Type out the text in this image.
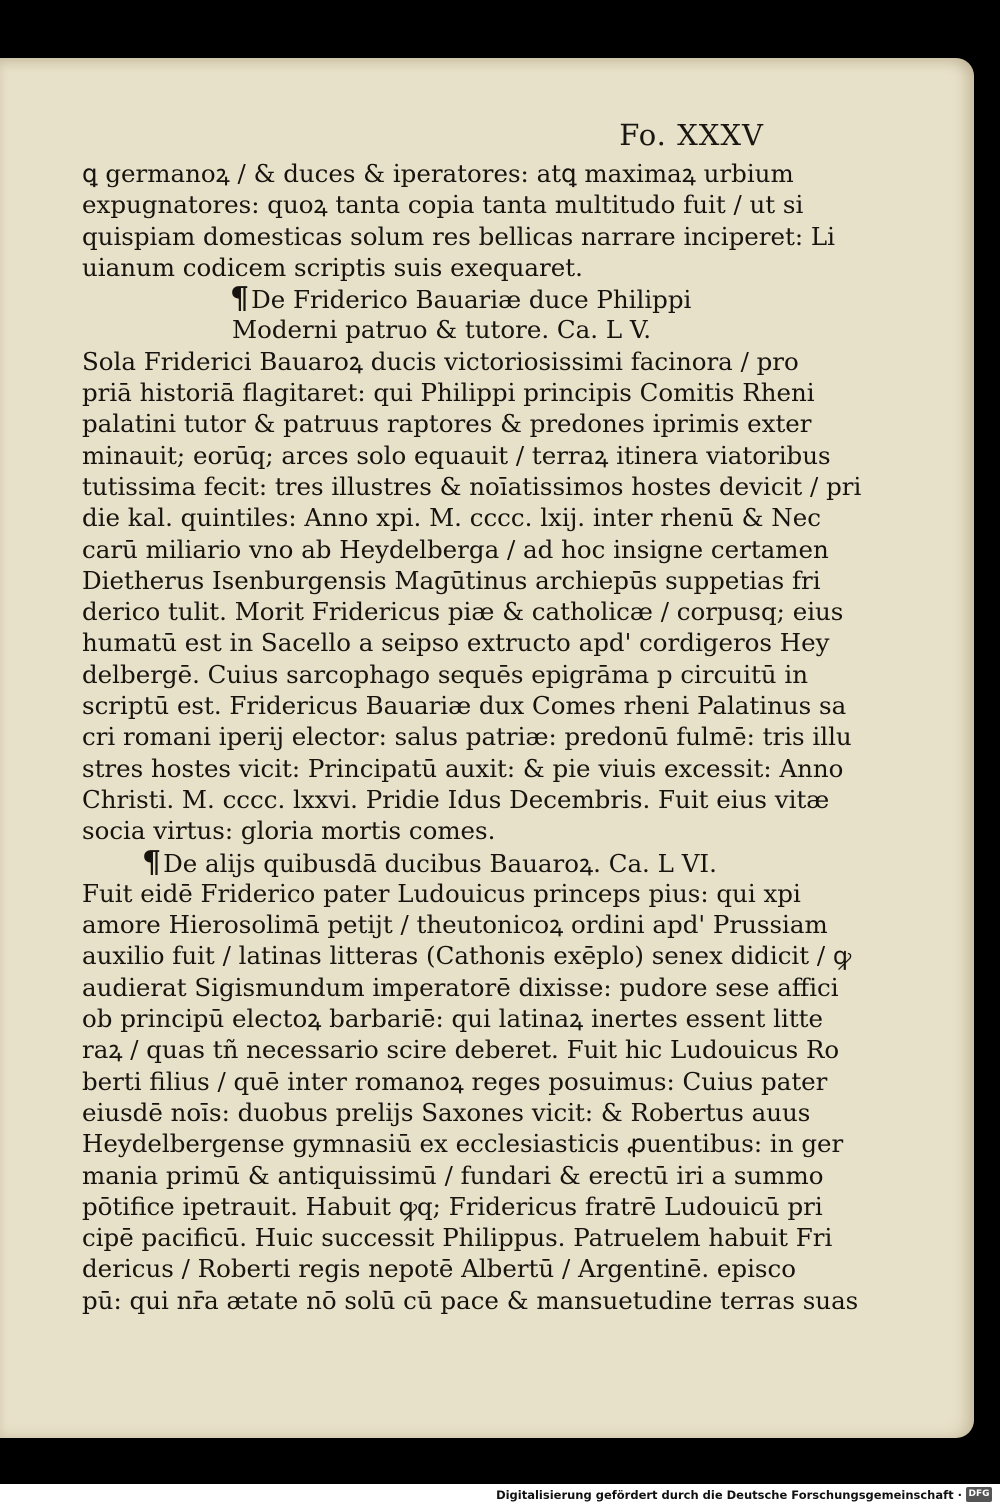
Fo. XXXV
ꝗ germanoꝝ / & duces & iperatores: atꝗ maximaꝝ urbium
expugnatores: quoꝝ tanta copia tanta multitudo fuit / ut si
quispiam domesticas solum res bellicas narrare inciperet: Li
uianum codicem scriptis suis exequaret.
¶De Friderico Bauariæ duce Philippi
Moderni patruo & tutore. Ca. L V.
Sola Friderici Bauaroꝝ ducis victoriosissimi facinora / pro
priā historiā flagitaret: qui Philippi principis Comitis Rheni
palatini tutor & patruus raptores & predones iprimis exter
minauit; eorūq; arces solo equauit / terraꝝ itinera viatoribus
tutissima fecit: tres illustres & noīatissimos hostes devicit / pri
die kal. quintiles: Anno xpi. M. cccc. lxij. inter rhenū & Nec
carū miliario vno ab Heydelberga / ad hoc insigne certamen
Dietherus Isenburgensis Magūtinus archiepūs suppetias fri
derico tulit. Morit Fridericus piæ & catholicæ / corpusq; eius
humatū est in Sacello a seipso extructo apd' cordigeros Hey
delbergē. Cuius sarcophago sequēs epigrāma p circuitū in
scriptū est. Fridericus Bauariæ dux Comes rheni Palatinus sa
cri romani iperij elector: salus patriæ: predonū fulmē: tris illu
stres hostes vicit: Principatū auxit: & pie viuis excessit: Anno
Christi. M. cccc. lxxvi. Pridie Idus Decembris. Fuit eius vitæ
socia virtus: gloria mortis comes.
¶De alijs quibusdā ducibus Bauaroꝝ. Ca. L VI.
Fuit eidē Friderico pater Ludouicus princeps pius: qui xpi
amore Hierosolimā petijt / theutonicoꝝ ordini apd' Prussiam
auxilio fuit / latinas litteras (Cathonis exēplo) senex didicit / ꝙ
audierat Sigismundum imperatorē dixisse: pudore sese affici
ob principū electoꝝ barbariē: qui latinaꝝ inertes essent litte
raꝝ / quas tñ necessario scire deberet. Fuit hic Ludouicus Ro
berti filius / quē inter romanoꝝ reges posuimus: Cuius pater
eiusdē noīs: duobus prelijs Saxones vicit: & Robertus auus
Heydelbergense gymnasiū ex ecclesiasticis ꝓuentibus: in ger
mania primū & antiquissimū / fundari & erectū iri a summo
pōtifice ipetrauit. Habuit ꝙq; Fridericus fratrē Ludouicū pri
cipē pacificū. Huic successit Philippus. Patruelem habuit Fri
dericus / Roberti regis nepotē Albertū / Argentinē. episco
pū: qui nr̄a ætate nō solū cū pace & mansuetudine terras suas
Digitalisierung gefördert durch die Deutsche Forschungsgemeinschaft · DFG
